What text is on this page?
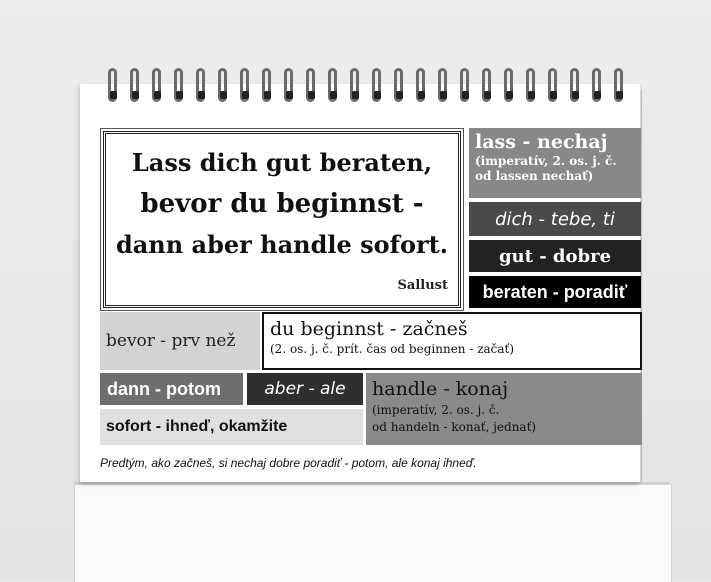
Lass dich gut beraten,
bevor du beginnst -
dann aber handle sofort.
Sallust
lass - nechaj
(imperatív, 2. os. j. č. od lassen nechať)
dich - tebe, ti
gut - dobre
beraten - poradiť
bevor - prv než
du beginnst - začneš
(2. os. j. č. prít. čas od beginnen - začať)
dann - potom	aber - ale
sofort - ihneď, okamžite
handle - konaj
(imperatív, 2. os. j. č.
od handeln - konať, jednať)
Predtým, ako začneš, si nechaj dobre poradiť - potom, ale konaj ihneď.
